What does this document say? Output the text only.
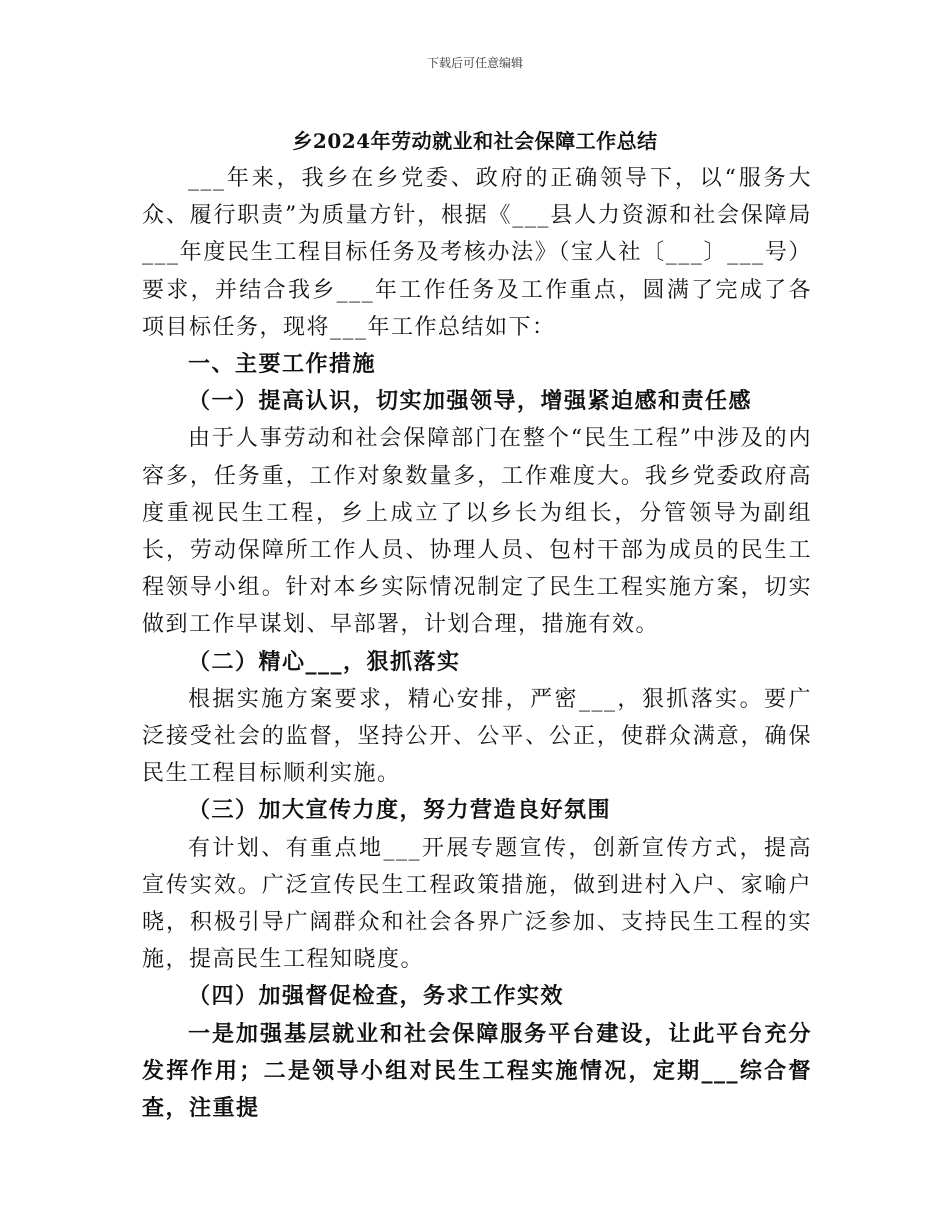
下载后可任意编辑
乡2024年劳动就业和社会保障工作总结

___年来，我乡在乡党委、政府的正确领导下，以“服务大众、履行职责”为质量方针，根据《___县人力资源和社会保障局___年度民生工程目标任务及考核办法》（宝人社〔___〕___号）要求，并结合我乡___年工作任务及工作重点，圆满了完成了各项目标任务，现将___年工作总结如下：

一、主要工作措施

（一）提高认识，切实加强领导，增强紧迫感和责任感

由于人事劳动和社会保障部门在整个“民生工程”中涉及的内容多，任务重，工作对象数量多，工作难度大。我乡党委政府高度重视民生工程，乡上成立了以乡长为组长，分管领导为副组长，劳动保障所工作人员、协理人员、包村干部为成员的民生工程领导小组。针对本乡实际情况制定了民生工程实施方案，切实做到工作早谋划、早部署，计划合理，措施有效。

（二）精心___，狠抓落实

根据实施方案要求，精心安排，严密___，狠抓落实。要广泛接受社会的监督，坚持公开、公平、公正，使群众满意，确保民生工程目标顺利实施。

（三）加大宣传力度，努力营造良好氛围

有计划、有重点地___开展专题宣传，创新宣传方式，提高宣传实效。广泛宣传民生工程政策措施，做到进村入户、家喻户晓，积极引导广阔群众和社会各界广泛参加、支持民生工程的实施，提高民生工程知晓度。

（四）加强督促检查，务求工作实效

一是加强基层就业和社会保障服务平台建设，让此平台充分发挥作用；二是领导小组对民生工程实施情况，定期___综合督查，注重提
